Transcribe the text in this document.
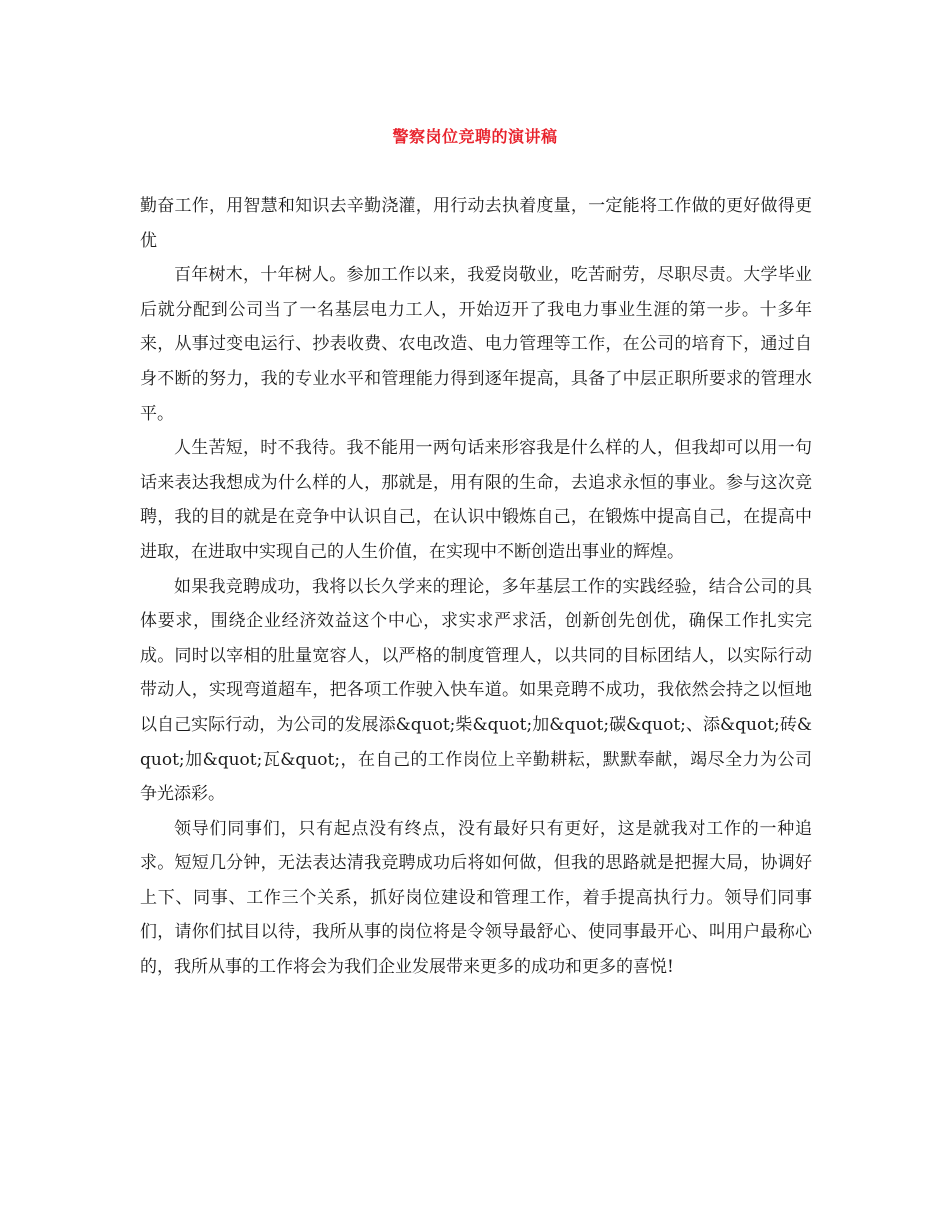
警察岗位竞聘的演讲稿

勤奋工作，用智慧和知识去辛勤浇灌，用行动去执着度量，一定能将工作做的更好做得更优

百年树木，十年树人。参加工作以来，我爱岗敬业，吃苦耐劳，尽职尽责。大学毕业后就分配到公司当了一名基层电力工人，开始迈开了我电力事业生涯的第一步。十多年来，从事过变电运行、抄表收费、农电改造、电力管理等工作，在公司的培育下，通过自身不断的努力，我的专业水平和管理能力得到逐年提高，具备了中层正职所要求的管理水平。

人生苦短，时不我待。我不能用一两句话来形容我是什么样的人，但我却可以用一句话来表达我想成为什么样的人，那就是，用有限的生命，去追求永恒的事业。参与这次竞聘，我的目的就是在竞争中认识自己，在认识中锻炼自己，在锻炼中提高自己，在提高中进取，在进取中实现自己的人生价值，在实现中不断创造出事业的辉煌。

如果我竞聘成功，我将以长久学来的理论，多年基层工作的实践经验，结合公司的具体要求，围绕企业经济效益这个中心，求实求严求活，创新创先创优，确保工作扎实完成。同时以宰相的肚量宽容人，以严格的制度管理人，以共同的目标团结人，以实际行动带动人，实现弯道超车，把各项工作驶入快车道。如果竞聘不成功，我依然会持之以恒地以自己实际行动，为公司的发展添&quot;柴&quot;加&quot;碳&quot;、添&quot;砖&quot;加&quot;瓦&quot;，在自己的工作岗位上辛勤耕耘，默默奉献，竭尽全力为公司争光添彩。

领导们同事们，只有起点没有终点，没有最好只有更好，这是就我对工作的一种追求。短短几分钟，无法表达清我竞聘成功后将如何做，但我的思路就是把握大局，协调好上下、同事、工作三个关系，抓好岗位建设和管理工作，着手提高执行力。领导们同事们，请你们拭目以待，我所从事的岗位将是令领导最舒心、使同事最开心、叫用户最称心的，我所从事的工作将会为我们企业发展带来更多的成功和更多的喜悦!
